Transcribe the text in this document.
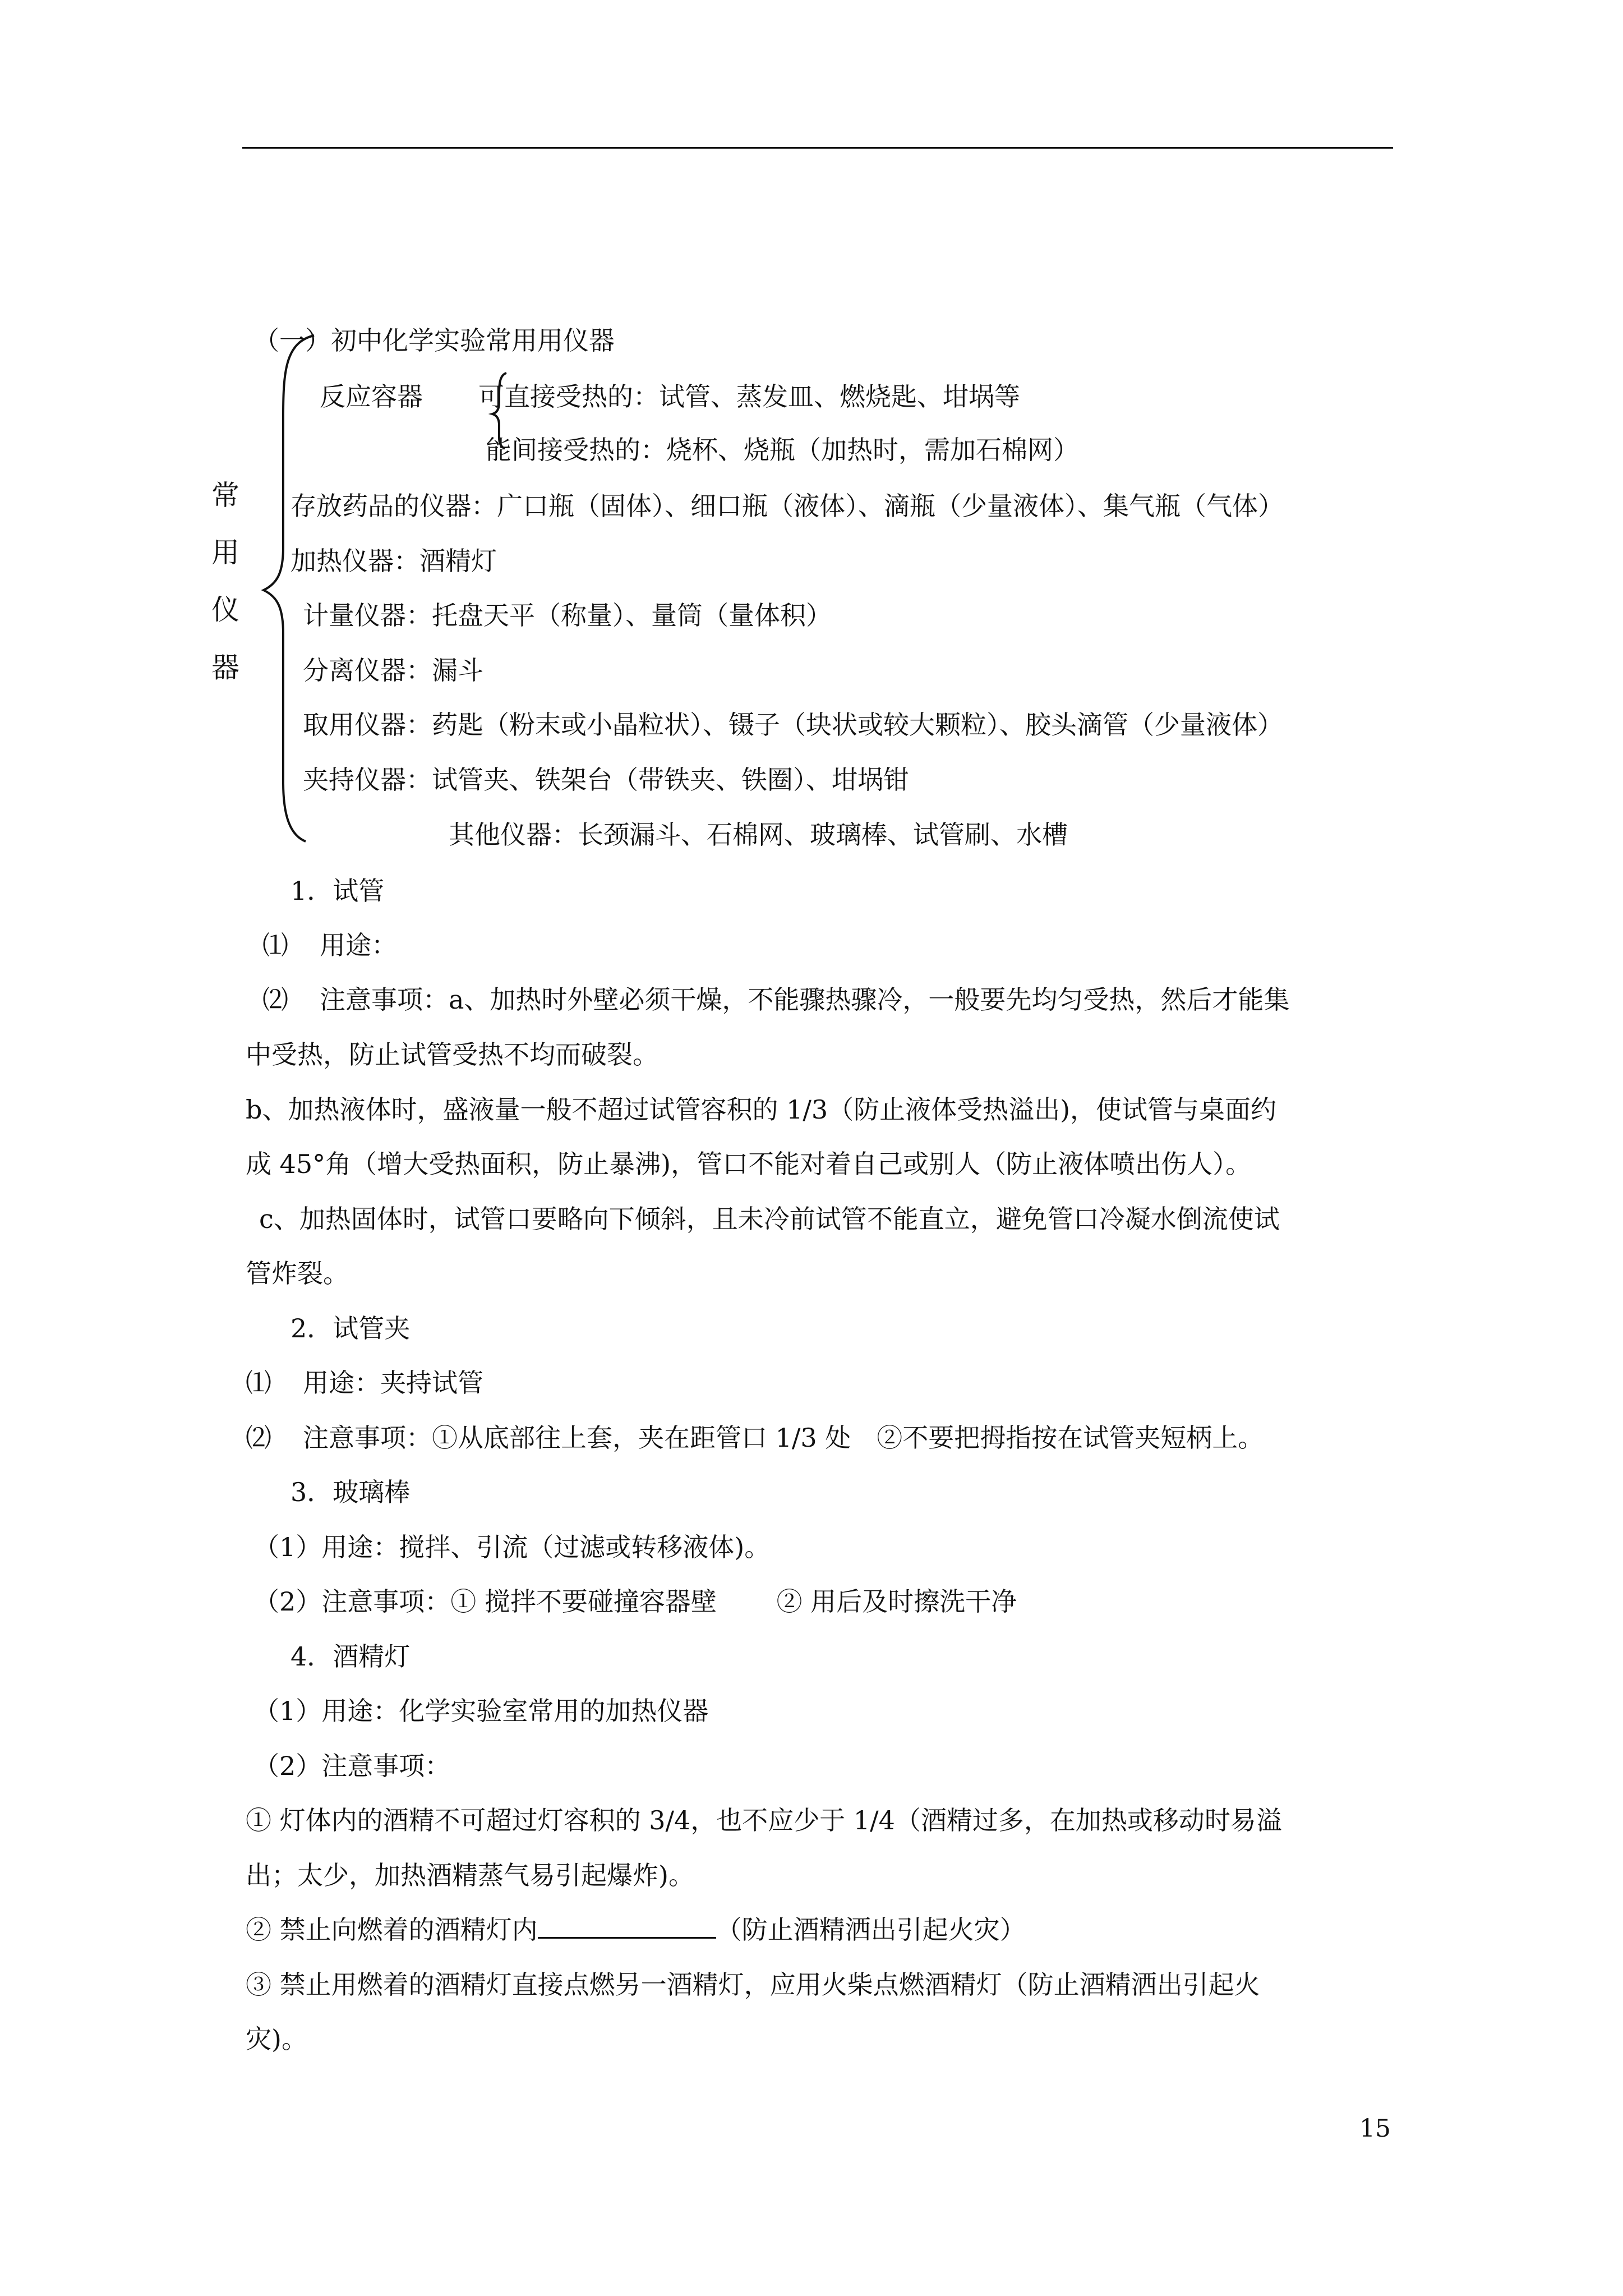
（一）初中化学实验常用用仪器
常
用
仪
器
反应容器 可直接受热的：试管、蒸发皿、燃烧匙、坩埚等
能间接受热的：烧杯、烧瓶（加热时，需加石棉网）
存放药品的仪器：广口瓶（固体）、细口瓶（液体）、滴瓶（少量液体）、集气瓶（气体）
加热仪器：酒精灯
计量仪器：托盘天平（称量）、量筒（量体积）
分离仪器：漏斗
取用仪器：药匙（粉末或小晶粒状）、镊子（块状或较大颗粒）、胶头滴管（少量液体）
夹持仪器：试管夹、铁架台（带铁夹、铁圈）、坩埚钳
其他仪器：长颈漏斗、石棉网、玻璃棒、试管刷、水槽
1．试管
⑴ 用途：
⑵ 注意事项：a、加热时外壁必须干燥，不能骤热骤冷，一般要先均匀受热，然后才能集
中受热，防止试管受热不均而破裂。
b、加热液体时，盛液量一般不超过试管容积的 1/3（防止液体受热溢出)，使试管与桌面约
成 45°角（增大受热面积，防止暴沸)，管口不能对着自己或别人（防止液体喷出伤人）。
c、加热固体时，试管口要略向下倾斜，且未冷前试管不能直立，避免管口冷凝水倒流使试
管炸裂。
2．试管夹
⑴ 用途：夹持试管
⑵ 注意事项：①从底部往上套，夹在距管口 1/3 处　②不要把拇指按在试管夹短柄上。
3．玻璃棒
（1）用途：搅拌、引流（过滤或转移液体)。
（2）注意事项：① 搅拌不要碰撞容器壁　　 ② 用后及时擦洗干净
4．酒精灯
（1）用途：化学实验室常用的加热仪器
（2）注意事项：
① 灯体内的酒精不可超过灯容积的 3/4，也不应少于 1/4（酒精过多，在加热或移动时易溢
出；太少，加热酒精蒸气易引起爆炸)。
② 禁止向燃着的酒精灯内	（防止酒精洒出引起火灾）
③ 禁止用燃着的酒精灯直接点燃另一酒精灯，应用火柴点燃酒精灯（防止酒精洒出引起火
灾)。
15
